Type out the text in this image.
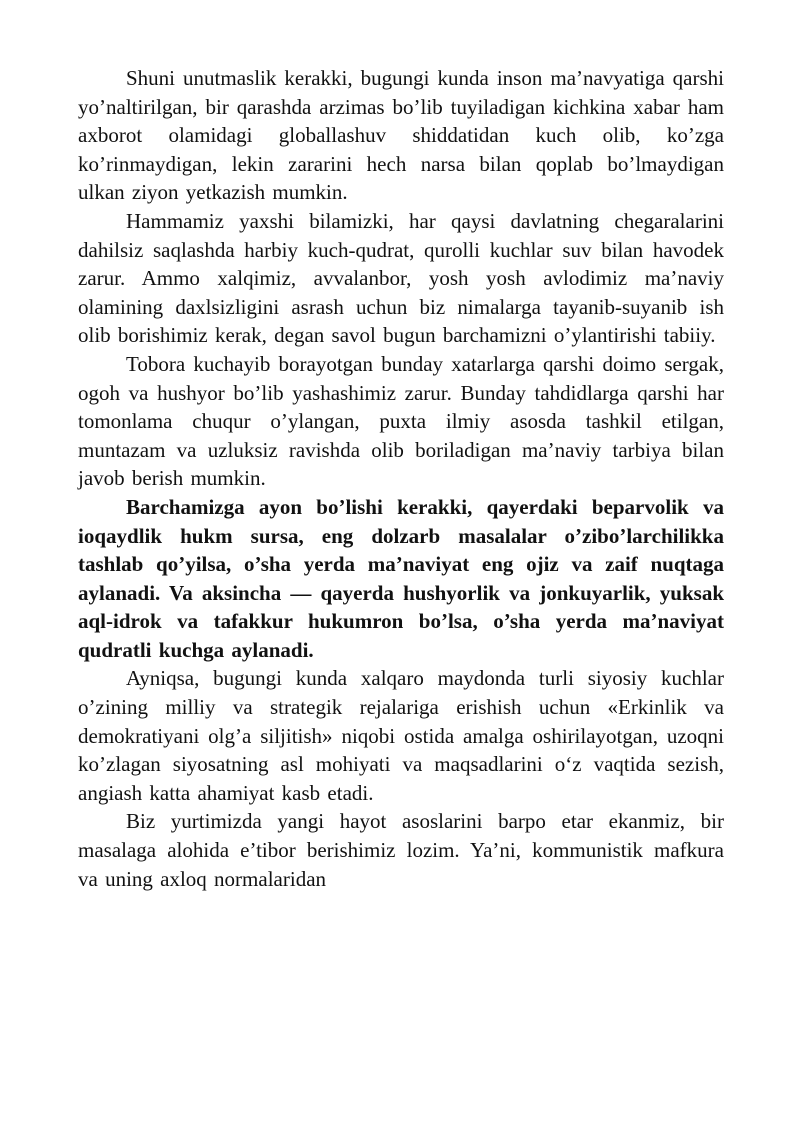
Shuni unutmaslik kerakki, bugungi kunda inson ma’navyatiga qarshi yo’naltirilgan, bir qarashda arzimas bo’lib tuyiladigan kichkina xabar ham axborot olamidagi globallashuv shiddatidan kuch olib, ko’zga ko’rinmaydigan, lekin zararini hech narsa bilan qoplab bo’lmaydigan ulkan ziyon yetkazish mumkin.

Hammamiz yaxshi bilamizki, har qaysi davlatning chegaralarini dahilsiz saqlashda harbiy kuch-qudrat, qurolli kuchlar suv bilan havodek zarur. Ammo xalqimiz, avvalanbor, yosh yosh avlodimiz ma’naviy olamining daxlsizligini asrash uchun biz nimalarga tayanib-suyanib ish olib borishimiz kerak, degan savol bugun barchamizni o’ylantirishi tabiiy.

Tobora kuchayib borayotgan bunday xatarlarga qarshi doimo sergak, ogoh va hushyor bo’lib yashashimiz zarur. Bunday tahdidlarga qarshi har tomonlama chuqur o’ylangan, puxta ilmiy asosda tashkil etilgan, muntazam va uzluksiz ravishda olib boriladigan ma’naviy tarbiya bilan javob berish mumkin.

Barchamizga ayon bo’lishi kerakki, qayerdaki beparvolik va ioqaydlik hukm sursa, eng dolzarb masalalar o’zibo’larchilikka tashlab qo’yilsa, o’sha yerda ma’naviyat eng ojiz va zaif nuqtaga aylanadi. Va aksincha — qayerda hushyorlik va jonkuyarlik, yuksak aql-idrok va tafakkur hukumron bo’lsa, o’sha yerda ma’naviyat qudratli kuchga aylanadi.

Ayniqsa, bugungi kunda xalqaro maydonda turli siyosiy kuchlar o’zining milliy va strategik rejalariga erishish uchun «Erkinlik va demokratiyani olg’a siljitish» niqobi ostida amalga oshirilayotgan, uzoqni ko’zlagan siyosatning asl mohiyati va maqsadlarini o‘z vaqtida sezish, angiash katta ahamiyat kasb etadi.

Biz yurtimizda yangi hayot asoslarini barpo etar ekanmiz, bir masalaga alohida e’tibor berishimiz lozim. Ya’ni, kommunistik mafkura va uning axloq normalaridan
